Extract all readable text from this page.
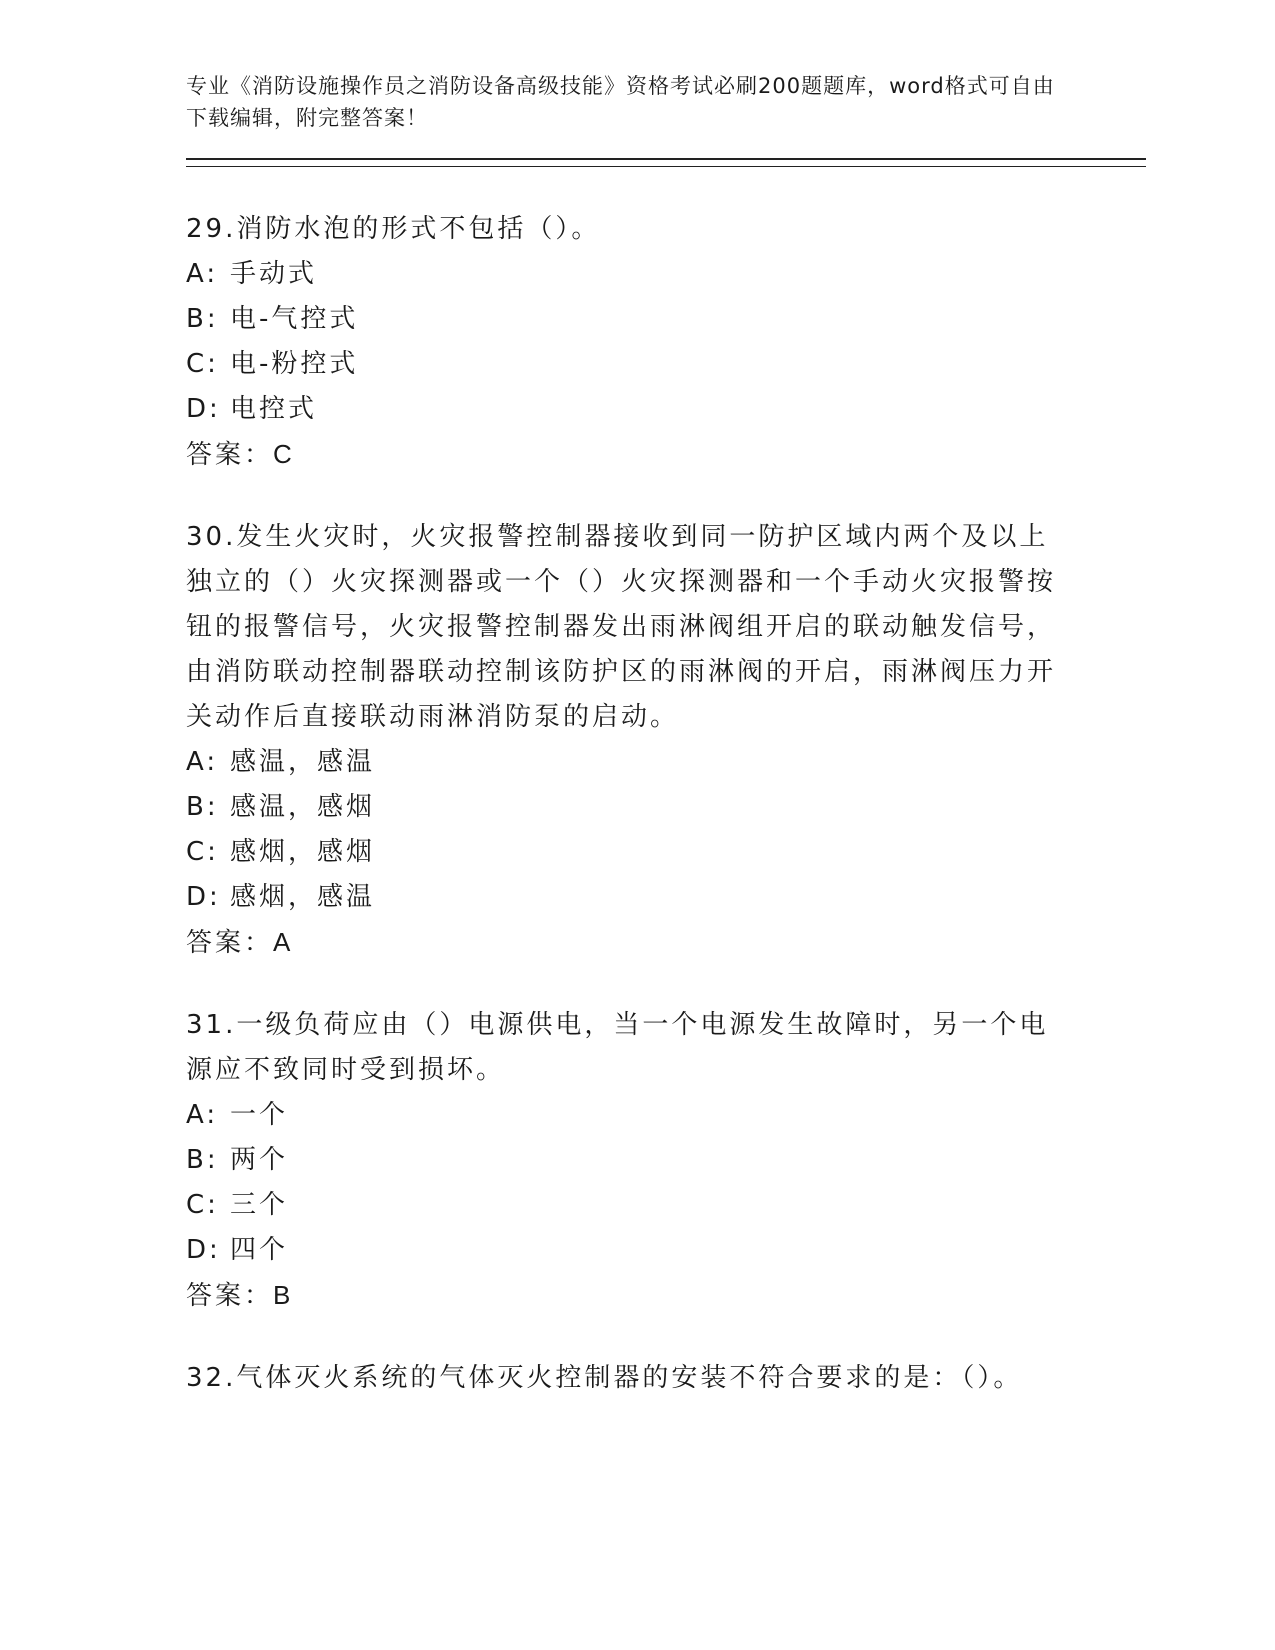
专业《消防设施操作员之消防设备高级技能》资格考试必刷200题题库，word格式可自由下载编辑，附完整答案！

29.消防水泡的形式不包括（）。

A: 手动式

B: 电-气控式

C: 电-粉控式

D: 电控式

答案：C

30.发生火灾时，火灾报警控制器接收到同一防护区域内两个及以上独立的（）火灾探测器或一个（）火灾探测器和一个手动火灾报警按钮的报警信号，火灾报警控制器发出雨淋阀组开启的联动触发信号，由消防联动控制器联动控制该防护区的雨淋阀的开启，雨淋阀压力开关动作后直接联动雨淋消防泵的启动。

A: 感温，感温

B: 感温，感烟

C: 感烟，感烟

D: 感烟，感温

答案：A

31.一级负荷应由（）电源供电，当一个电源发生故障时，另一个电源应不致同时受到损坏。

A: 一个

B: 两个

C: 三个

D: 四个

答案：B

32.气体灭火系统的气体灭火控制器的安装不符合要求的是：（）。
